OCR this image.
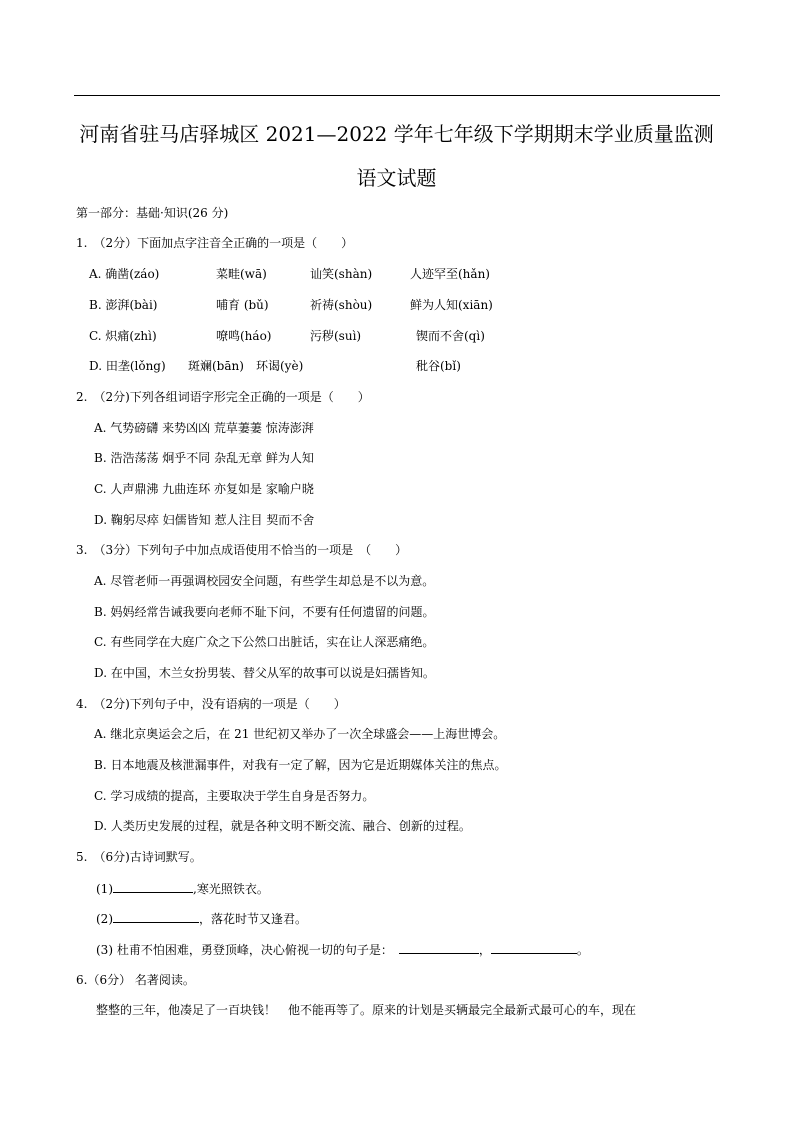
河南省驻马店驿城区 2021—2022 学年七年级下学期期末学业质量监测
语文试题
第一部分：基础·知识(26 分)
1.　（2分）下面加点字注音全正确的一项是（　　）
A. 确凿(záo)	菜畦(wā)	讪笑(shàn)	人迹罕至(hǎn)
B. 澎湃(bài)	哺育 (bǔ)	祈祷(shòu)	鲜为人知(xiān)
C. 炽痛(zhì)	嘹鸣(háo)	污秽(suì)	锲而不舍(qì)
D. 田垄(lǒng) 斑斓(bān) 环谒(yè)	秕谷(bǐ)
2.　（2分)下列各组词语字形完全正确的一项是（　　）
A. 气势磅礴 来势凶凶 荒草萋萋 惊涛澎湃
B. 浩浩荡荡 炯乎不同 杂乱无章 鲜为人知
C. 人声鼎沸 九曲连环 亦复如是 家喻户晓
D. 鞠躬尽瘁 妇儒皆知 惹人注目 契而不舍
3.　（3分）下列句子中加点成语使用不恰当的一项是　（　　）
A. 尽管老师一再强调校园安全问题，有些学生却总是不以为意。
B. 妈妈经常告诫我要向老师不耻下问，不要有任何遗留的问题。
C. 有些同学在大庭广众之下公然口出脏话，实在让人深恶痛绝。
D. 在中国，木兰女扮男装、替父从军的故事可以说是妇孺皆知。
4.　（2分)下列句子中，没有语病的一项是（　　）
A. 继北京奥运会之后，在 21 世纪初又举办了一次全球盛会——上海世博会。
B. 日本地震及核泄漏事件，对我有一定了解，因为它是近期媒体关注的焦点。
C. 学习成绩的提高，主要取决于学生自身是否努力。
D. 人类历史发展的过程，就是各种文明不断交流、融合、创新的过程。
5.　（6分)古诗词默写。
(1)	,寒光照铁衣。
(2)	，落花时节又逢君。
(3) 杜甫不怕困难，勇登顶峰，决心俯视一切的句子是：　	，	。
6.（6分） 名著阅读。
整整的三年，他凑足了一百块钱！　他不能再等了。原来的计划是买辆最完全最新式最可心的车，现在
